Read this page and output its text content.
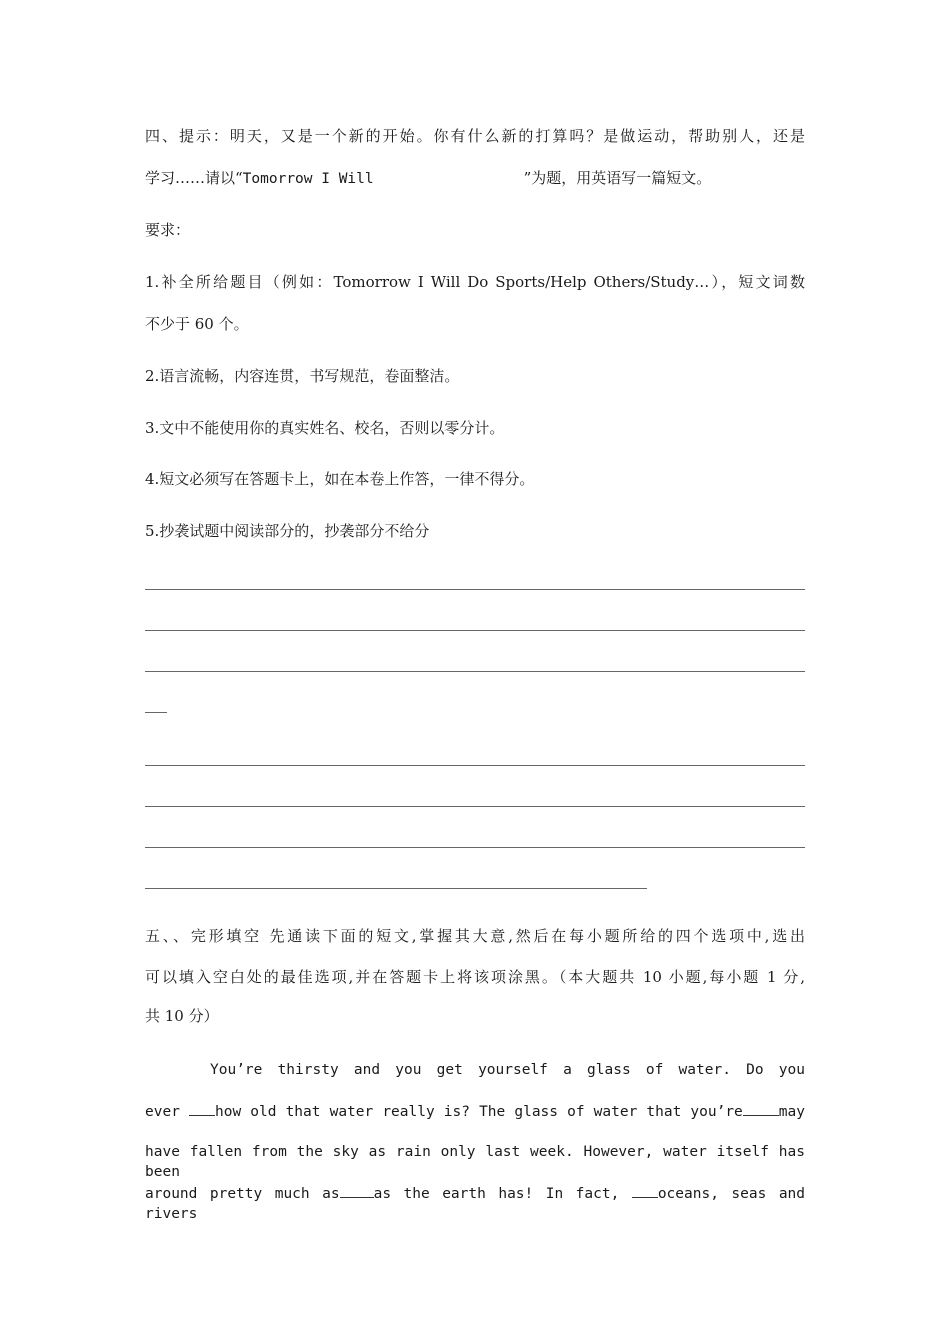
四、提示：明天，又是一个新的开始。你有什么新的打算吗？是做运动，帮助别人，还是
学习……请以“Tomorrow I Will	”为题，用英语写一篇短文。
要求：
1.补全所给题目（例如：Tomorrow I Will Do Sports/Help Others/Study…），短文词数
不少于 60 个。
2.语言流畅，内容连贯，书写规范，卷面整洁。
3.文中不能使用你的真实姓名、校名，否则以零分计。
4.短文必须写在答题卡上，如在本卷上作答，一律不得分。
5.抄袭试题中阅读部分的，抄袭部分不给分
五、、完形填空 先通读下面的短文,掌握其大意,然后在每小题所给的四个选项中,选出
可以填入空白处的最佳选项,并在答题卡上将该项涂黑。（本大题共 10 小题,每小题 1 分,
共 10 分）
You’re thirsty and you get yourself a glass of water. Do you
ever how old that water really is? The glass of water that you’re may
have fallen from the sky as rain only last week. However, water itself has been
around pretty much as as the earth has! In fact, oceans, seas and rivers
